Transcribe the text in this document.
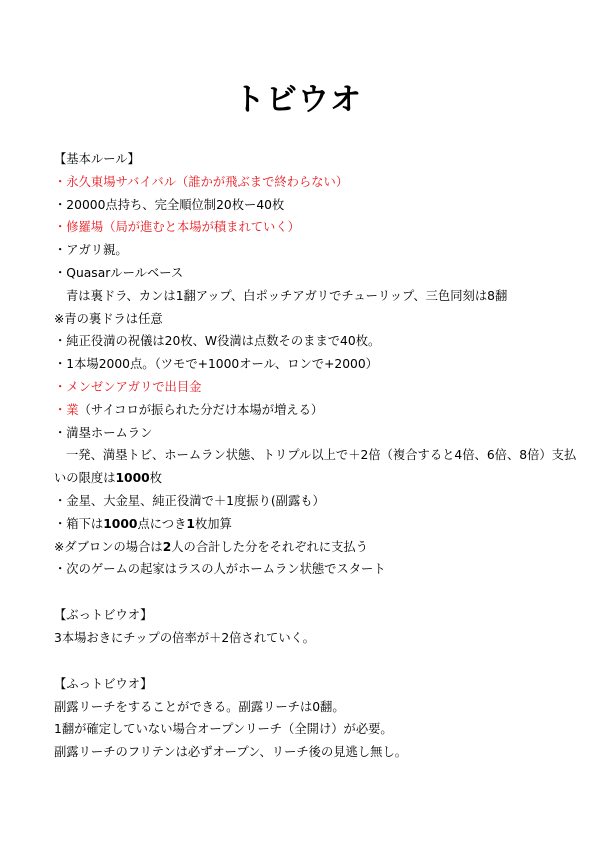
トビウオ
【基本ルール】
・永久東場サバイバル（誰かが飛ぶまで終わらない）
・20000点持ち、完全順位制20枚ー40枚
・修羅場（局が進むと本場が積まれていく）
・アガリ親。
・Quasarルールベース
青は裏ドラ、カンは1翻アップ、白ポッチアガリでチューリップ、三色同刻は8翻
※青の裏ドラは任意
・純正役満の祝儀は20枚、W役満は点数そのままで40枚。
・1本場2000点。（ツモで+1000オール、ロンで+2000）
・メンゼンアガリで出目金
・業（サイコロが振られた分だけ本場が増える）
・満塁ホームラン
一発、満塁トビ、ホームラン状態、トリプル以上で＋2倍（複合すると4倍、6倍、8倍）支払
いの限度は1000枚
・金星、大金星、純正役満で＋1度振り(副露も）
・箱下は1000点につき1枚加算
※ダブロンの場合は2人の合計した分をそれぞれに支払う
・次のゲームの起家はラスの人がホームラン状態でスタート
【ぶっトビウオ】
3本場おきにチップの倍率が＋2倍されていく。
【ふっトビウオ】
副露リーチをすることができる。副露リーチは0翻。
1翻が確定していない場合オープンリーチ（全開け）が必要。
副露リーチのフリテンは必ずオープン、リーチ後の見逃し無し。
